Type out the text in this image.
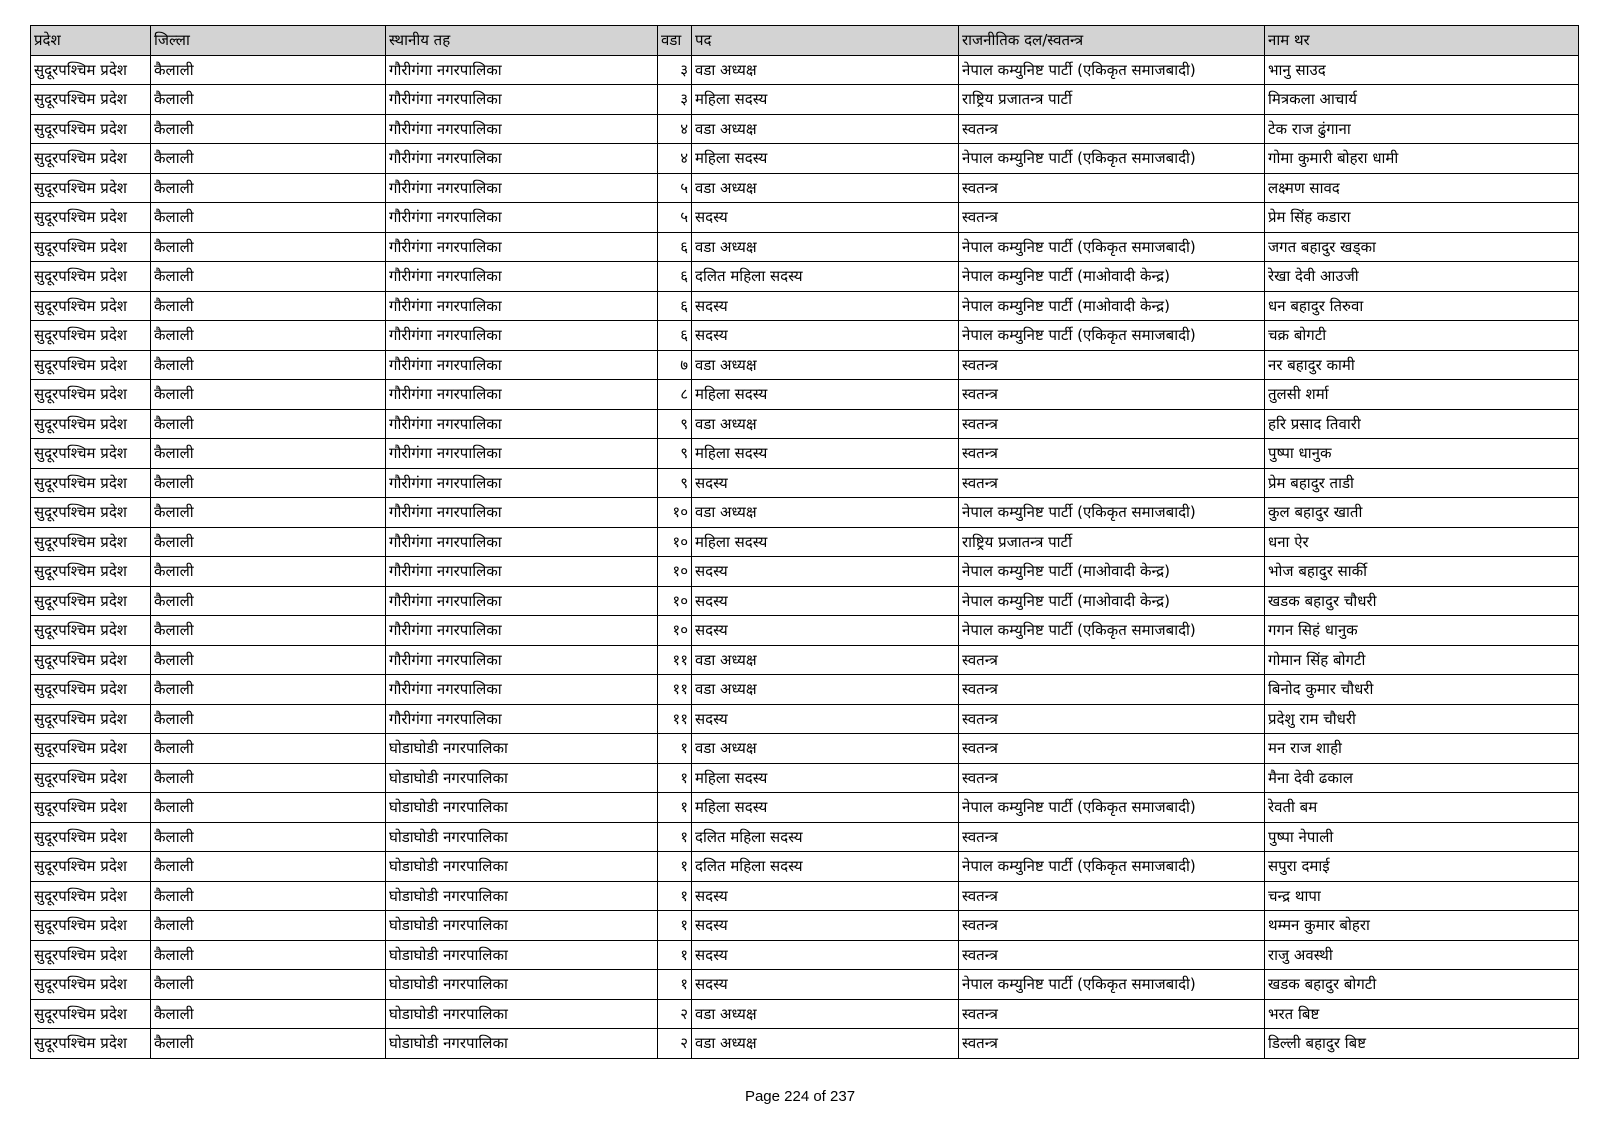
प्रदेश	जिल्ला	स्थानीय तह	वडा	पद	राजनीतिक दल/स्वतन्त्र	नाम थर
सुदूरपश्चिम प्रदेश	कैलाली	गौरीगंगा नगरपालिका	३	वडा अध्यक्ष	नेपाल कम्युनिष्ट पार्टी (एकिकृत समाजबादी)	भानु साउद
सुदूरपश्चिम प्रदेश	कैलाली	गौरीगंगा नगरपालिका	३	महिला सदस्य	राष्ट्रिय प्रजातन्त्र पार्टी	मित्रकला आचार्य
सुदूरपश्चिम प्रदेश	कैलाली	गौरीगंगा नगरपालिका	४	वडा अध्यक्ष	स्वतन्त्र	टेक राज ढुंगाना
सुदूरपश्चिम प्रदेश	कैलाली	गौरीगंगा नगरपालिका	४	महिला सदस्य	नेपाल कम्युनिष्ट पार्टी (एकिकृत समाजबादी)	गोमा कुमारी बोहरा धामी
सुदूरपश्चिम प्रदेश	कैलाली	गौरीगंगा नगरपालिका	५	वडा अध्यक्ष	स्वतन्त्र	लक्ष्मण सावद
सुदूरपश्चिम प्रदेश	कैलाली	गौरीगंगा नगरपालिका	५	सदस्य	स्वतन्त्र	प्रेम सिंह कडारा
सुदूरपश्चिम प्रदेश	कैलाली	गौरीगंगा नगरपालिका	६	वडा अध्यक्ष	नेपाल कम्युनिष्ट पार्टी (एकिकृत समाजबादी)	जगत बहादुर खड्का
सुदूरपश्चिम प्रदेश	कैलाली	गौरीगंगा नगरपालिका	६	दलित महिला सदस्य	नेपाल कम्युनिष्ट पार्टी (माओवादी केन्द्र)	रेखा देवी आउजी
सुदूरपश्चिम प्रदेश	कैलाली	गौरीगंगा नगरपालिका	६	सदस्य	नेपाल कम्युनिष्ट पार्टी (माओवादी केन्द्र)	धन बहादुर तिरुवा
सुदूरपश्चिम प्रदेश	कैलाली	गौरीगंगा नगरपालिका	६	सदस्य	नेपाल कम्युनिष्ट पार्टी (एकिकृत समाजबादी)	चक्र बोगटी
सुदूरपश्चिम प्रदेश	कैलाली	गौरीगंगा नगरपालिका	७	वडा अध्यक्ष	स्वतन्त्र	नर बहादुर कामी
सुदूरपश्चिम प्रदेश	कैलाली	गौरीगंगा नगरपालिका	८	महिला सदस्य	स्वतन्त्र	तुलसी शर्मा
सुदूरपश्चिम प्रदेश	कैलाली	गौरीगंगा नगरपालिका	९	वडा अध्यक्ष	स्वतन्त्र	हरि प्रसाद तिवारी
सुदूरपश्चिम प्रदेश	कैलाली	गौरीगंगा नगरपालिका	९	महिला सदस्य	स्वतन्त्र	पुष्पा धानुक
सुदूरपश्चिम प्रदेश	कैलाली	गौरीगंगा नगरपालिका	९	सदस्य	स्वतन्त्र	प्रेम बहादुर ताडी
सुदूरपश्चिम प्रदेश	कैलाली	गौरीगंगा नगरपालिका	१०	वडा अध्यक्ष	नेपाल कम्युनिष्ट पार्टी (एकिकृत समाजबादी)	कुल बहादुर खाती
सुदूरपश्चिम प्रदेश	कैलाली	गौरीगंगा नगरपालिका	१०	महिला सदस्य	राष्ट्रिय प्रजातन्त्र पार्टी	धना ऐर
सुदूरपश्चिम प्रदेश	कैलाली	गौरीगंगा नगरपालिका	१०	सदस्य	नेपाल कम्युनिष्ट पार्टी (माओवादी केन्द्र)	भोज बहादुर सार्की
सुदूरपश्चिम प्रदेश	कैलाली	गौरीगंगा नगरपालिका	१०	सदस्य	नेपाल कम्युनिष्ट पार्टी (माओवादी केन्द्र)	खडक बहादुर चौधरी
सुदूरपश्चिम प्रदेश	कैलाली	गौरीगंगा नगरपालिका	१०	सदस्य	नेपाल कम्युनिष्ट पार्टी (एकिकृत समाजबादी)	गगन सिहं धानुक
सुदूरपश्चिम प्रदेश	कैलाली	गौरीगंगा नगरपालिका	११	वडा अध्यक्ष	स्वतन्त्र	गोमान सिंह बोगटी
सुदूरपश्चिम प्रदेश	कैलाली	गौरीगंगा नगरपालिका	११	वडा अध्यक्ष	स्वतन्त्र	बिनोद कुमार चौधरी
सुदूरपश्चिम प्रदेश	कैलाली	गौरीगंगा नगरपालिका	११	सदस्य	स्वतन्त्र	प्रदेशु राम चौधरी
सुदूरपश्चिम प्रदेश	कैलाली	घोडाघोडी नगरपालिका	१	वडा अध्यक्ष	स्वतन्त्र	मन राज शाही
सुदूरपश्चिम प्रदेश	कैलाली	घोडाघोडी नगरपालिका	१	महिला सदस्य	स्वतन्त्र	मैना देवी ढकाल
सुदूरपश्चिम प्रदेश	कैलाली	घोडाघोडी नगरपालिका	१	महिला सदस्य	नेपाल कम्युनिष्ट पार्टी (एकिकृत समाजबादी)	रेवती बम
सुदूरपश्चिम प्रदेश	कैलाली	घोडाघोडी नगरपालिका	१	दलित महिला सदस्य	स्वतन्त्र	पुष्पा नेपाली
सुदूरपश्चिम प्रदेश	कैलाली	घोडाघोडी नगरपालिका	१	दलित महिला सदस्य	नेपाल कम्युनिष्ट पार्टी (एकिकृत समाजबादी)	सपुरा दमाई
सुदूरपश्चिम प्रदेश	कैलाली	घोडाघोडी नगरपालिका	१	सदस्य	स्वतन्त्र	चन्द्र थापा
सुदूरपश्चिम प्रदेश	कैलाली	घोडाघोडी नगरपालिका	१	सदस्य	स्वतन्त्र	थम्मन कुमार बोहरा
सुदूरपश्चिम प्रदेश	कैलाली	घोडाघोडी नगरपालिका	१	सदस्य	स्वतन्त्र	राजु अवस्थी
सुदूरपश्चिम प्रदेश	कैलाली	घोडाघोडी नगरपालिका	१	सदस्य	नेपाल कम्युनिष्ट पार्टी (एकिकृत समाजबादी)	खडक बहादुर बोगटी
सुदूरपश्चिम प्रदेश	कैलाली	घोडाघोडी नगरपालिका	२	वडा अध्यक्ष	स्वतन्त्र	भरत बिष्ट
सुदूरपश्चिम प्रदेश	कैलाली	घोडाघोडी नगरपालिका	२	वडा अध्यक्ष	स्वतन्त्र	डिल्ली बहादुर बिष्ट
Page 224 of 237
